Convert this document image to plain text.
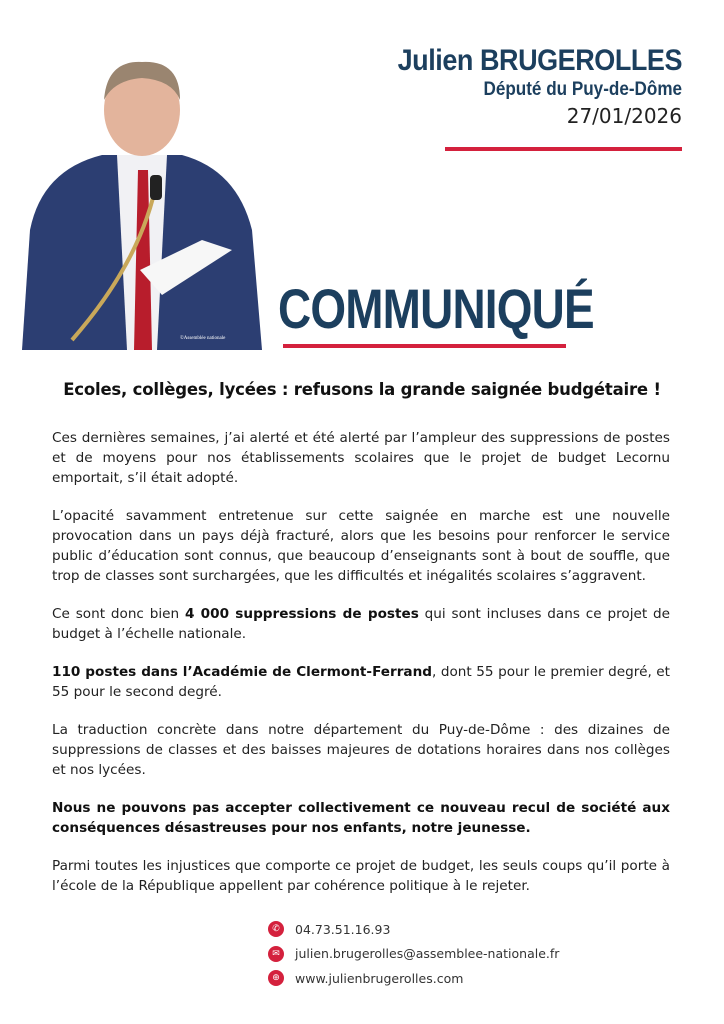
©Assemblée nationale
Julien BRUGEROLLES
Député du Puy-de-Dôme
27/01/2026
COMMUNIQUÉ
Ecoles, collèges, lycées : refusons la grande saignée budgétaire !

Ces dernières semaines, j’ai alerté et été alerté par l’ampleur des suppressions de postes et de moyens pour nos établissements scolaires que le projet de budget Lecornu emportait, s’il était adopté.

L’opacité savamment entretenue sur cette saignée en marche est une nouvelle provocation dans un pays déjà fracturé, alors que les besoins pour renforcer le service public d’éducation sont connus, que beaucoup d’enseignants sont à bout de souffle, que trop de classes sont surchargées, que les difficultés et inégalités scolaires s’aggravent.

Ce sont donc bien 4 000 suppressions de postes qui sont incluses dans ce projet de budget à l’échelle nationale.

110 postes dans l’Académie de Clermont-Ferrand, dont 55 pour le premier degré, et 55 pour le second degré.

La traduction concrète dans notre département du Puy-de-Dôme : des dizaines de suppressions de classes et des baisses majeures de dotations horaires dans nos collèges et nos lycées.

Nous ne pouvons pas accepter collectivement ce nouveau recul de société aux conséquences désastreuses pour nos enfants, notre jeunesse.

Parmi toutes les injustices que comporte ce projet de budget, les seuls coups qu’il porte à l’école de la République appellent par cohérence politique à le rejeter.

✆	04.73.51.16.93
✉	julien.brugerolles@assemblee-nationale.fr
⊕	www.julienbrugerolles.com
